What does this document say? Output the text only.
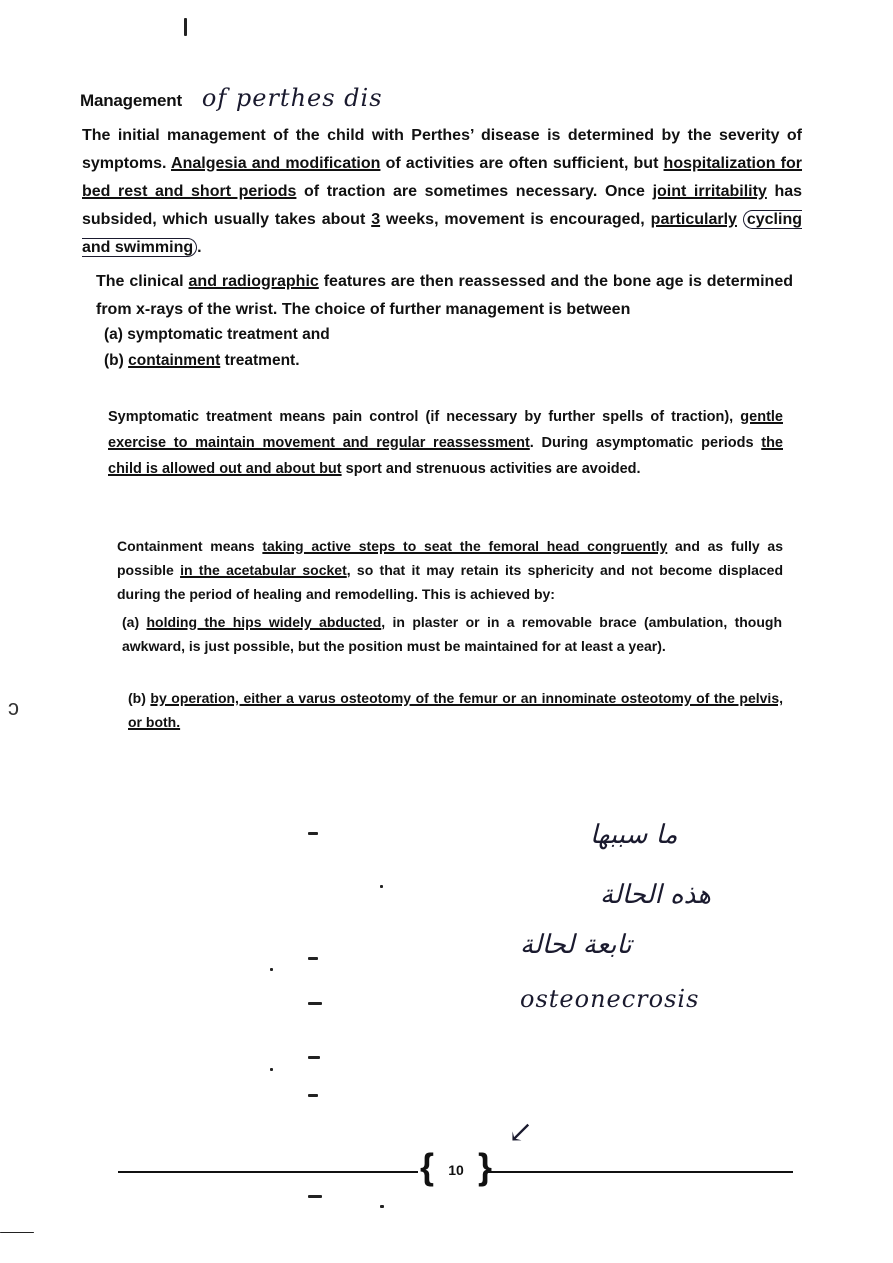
Management of perthes dis
The initial management of the child with Perthes’ disease is determined by the severity of symptoms. Analgesia and modification of activities are often sufficient, but hospitalization for bed rest and short periods of traction are sometimes necessary. Once joint irritability has subsided, which usually takes about 3 weeks, movement is encouraged, particularly cycling and swimming .
The clinical and radiographic features are then reassessed and the bone age is determined from x-rays of the wrist. The choice of further management is between
(a) symptomatic treatment and
(b) containment treatment.
Symptomatic treatment means pain control (if necessary by further spells of traction), gentle exercise to maintain movement and regular reassessment. During asymptomatic periods the child is allowed out and about but sport and strenuous activities are avoided.
Containment means taking active steps to seat the femoral head congruently and as fully as possible in the acetabular socket, so that it may retain its sphericity and not become displaced during the period of healing and remodelling. This is achieved by:
(a) holding the hips widely abducted, in plaster or in a removable brace (ambulation, though awkward, is just possible, but the position must be maintained for at least a year).
(b) by operation, either a varus osteotomy of the femur or an innominate osteotomy of the pelvis, or both.
ↄ
ما سببها
هذه الحالة
تابعة لحالة
osteonecrosis
↙
{ }
10
